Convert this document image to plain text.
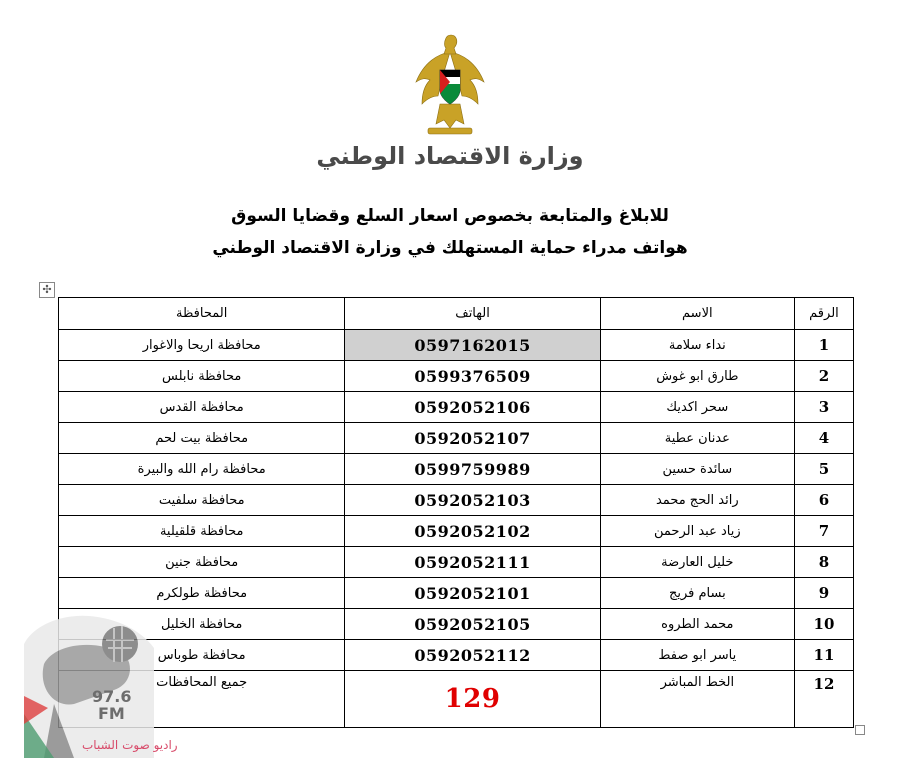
وزارة الاقتصاد الوطني
للابلاغ والمتابعة بخصوص اسعار السلع وقضايا السوق
هواتف مدراء حماية المستهلك في وزارة الاقتصاد الوطني
✣
الرقم	الاسم	الهاتف	المحافظة
1	نداء سلامة	0597162015	محافظة اريحا والاغوار
2	طارق ابو غوش	0599376509	محافظة نابلس
3	سحر اكديك	0592052106	محافظة القدس
4	عدنان عطية	0592052107	محافظة بيت لحم
5	سائدة حسين	0599759989	محافظة رام الله والبيرة
6	رائد الحج محمد	0592052103	محافظة سلفيت
7	زياد عبد الرحمن	0592052102	محافظة قلقيلية
8	خليل العارضة	0592052111	محافظة جنين
9	بسام فريج	0592052101	محافظة طولكرم
10	محمد الطروه	0592052105	محافظة الخليل
11	ياسر ابو صفط	0592052112	محافظة طوباس
12	الخط المباشر	129	جميع المحافظات
97.6
FM
راديو صوت الشباب
